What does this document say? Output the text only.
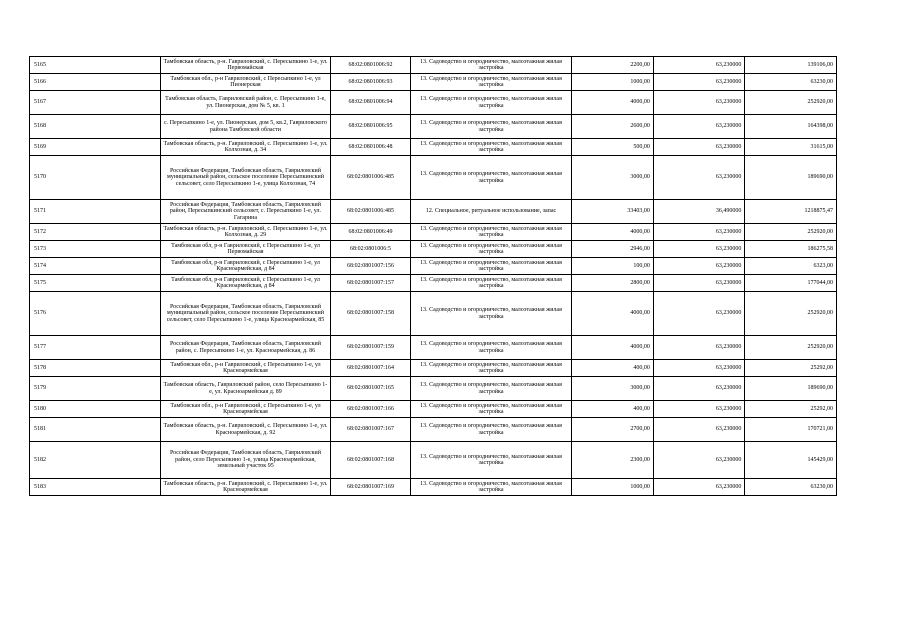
5165	Тамбовская область, р-н. Гавриловский, с. Пересыпкино 1-е, ул. Первомайская	68:02:0801006:92	13. Садоводство и огородничество, малоэтажная жилая застройка	2200,00	63,230000	139106,00
5166	Тамбовская обл., р-н Гавриловский, с Пересыпкино 1-е, ул Пионерская	68:02:0801006:93	13. Садоводство и огородничество, малоэтажная жилая застройка	1000,00	63,230000	63230,00
5167	Тамбовская область, Гавриловский район, с. Пересыпкино 1-е, ул. Пионерская, дом № 5, кв. 1	68:02:0801006:94	13. Садоводство и огородничество, малоэтажная жилая застройка	4000,00	63,230000	252920,00
5168	с. Пересыпкино 1-е, ул. Пионерская, дом 5, кв.2, Гавриловского района Тамбовской области	68:02:0801006:95	13. Садоводство и огородничество, малоэтажная жилая застройка	2600,00	63,230000	164398,00
5169	Тамбовская область, р-н. Гавриловский, с. Пересыпкино 1-е, ул. Колхозная, д. 34	68:02:0801006:48	13. Садоводство и огородничество, малоэтажная жилая застройка	500,00	63,230000	31615,00
5170	Российская Федерация, Тамбовская область, Гавриловский муниципальный район, сельское поселение Пересыпкинский сельсовет, село Пересыпкино 1-е, улица Колхозная, 74	68:02:0801006:485	13. Садоводство и огородничество, малоэтажная жилая застройка	3000,00	63,230000	189690,00
5171	Российская Федерация, Тамбовская область, Гавриловский район, Пересыпкинский сельсовет, с. Пересыпкино 1-е, ул. Гагарина	68:02:0801006:485	12. Специальное, ритуальное использование, запас	33403,00	36,490000	1218875,47
5172	Тамбовская область, р-н. Гавриловский, с. Пересыпкино 1-е, ул. Колхозная, д. 29	68:02:0801006:49	13. Садоводство и огородничество, малоэтажная жилая застройка	4000,00	63,230000	252920,00
5173	Тамбовская обл, р-н Гавриловский, с Пересыпкино 1-е, ул Первомайская	68:02:0801006:5	13. Садоводство и огородничество, малоэтажная жилая застройка	2946,00	63,230000	186275,58
5174	Тамбовская обл, р-н Гавриловский, с Пересыпкино 1-е, ул Красноармейская, д 84	68:02:0801007:156	13. Садоводство и огородничество, малоэтажная жилая застройка	100,00	63,230000	6323,00
5175	Тамбовская обл, р-н Гавриловский, с Пересыпкино 1-е, ул Красноармейская, д 84	68:02:0801007:157	13. Садоводство и огородничество, малоэтажная жилая застройка	2800,00	63,230000	177044,00
5176	Российская Федерация, Тамбовская область, Гавриловский муниципальный район, сельское поселение Пересыпкинский сельсовет, село Пересыпкино 1-е, улица Красноармейская, 85	68:02:0801007:158	13. Садоводство и огородничество, малоэтажная жилая застройка	4000,00	63,230000	252920,00
5177	Российская Федерация, Тамбовская область, Гавриловский район, с. Пересыпкино 1-е, ул. Красноармейская, д. 86	68:02:0801007:159	13. Садоводство и огородничество, малоэтажная жилая застройка	4000,00	63,230000	252920,00
5178	Тамбовская обл., р-н Гавриловский, с Пересыпкино 1-е, ул Красноармейская	68:02:0801007:164	13. Садоводство и огородничество, малоэтажная жилая застройка	400,00	63,230000	25292,00
5179	Тамбовская область, Гавриловский район, село Пересыпкино 1-е, ул. Красноармейская д. 89	68:02:0801007:165	13. Садоводство и огородничество, малоэтажная жилая застройка	3000,00	63,230000	189690,00
5180	Тамбовская обл., р-н Гавриловский, с Пересыпкино 1-е, ул Красноармейская	68:02:0801007:166	13. Садоводство и огородничество, малоэтажная жилая застройка	400,00	63,230000	25292,00
5181	Тамбовская область, р-н. Гавриловский, с. Пересыпкино 1-е, ул. Красноармейская, д. 92	68:02:0801007:167	13. Садоводство и огородничество, малоэтажная жилая застройка	2700,00	63,230000	170721,00
5182	Российская Федерация, Тамбовская область, Гавриловский район, село Пересыпкино 1-е, улица Красноармейская, земельный участок 95	68:02:0801007:168	13. Садоводство и огородничество, малоэтажная жилая застройка	2300,00	63,230000	145429,00
5183	Тамбовская область, р-н. Гавриловский, с. Пересыпкино 1-е, ул. Красноармейская	68:02:0801007:169	13. Садоводство и огородничество, малоэтажная жилая застройка	1000,00	63,230000	63230,00
